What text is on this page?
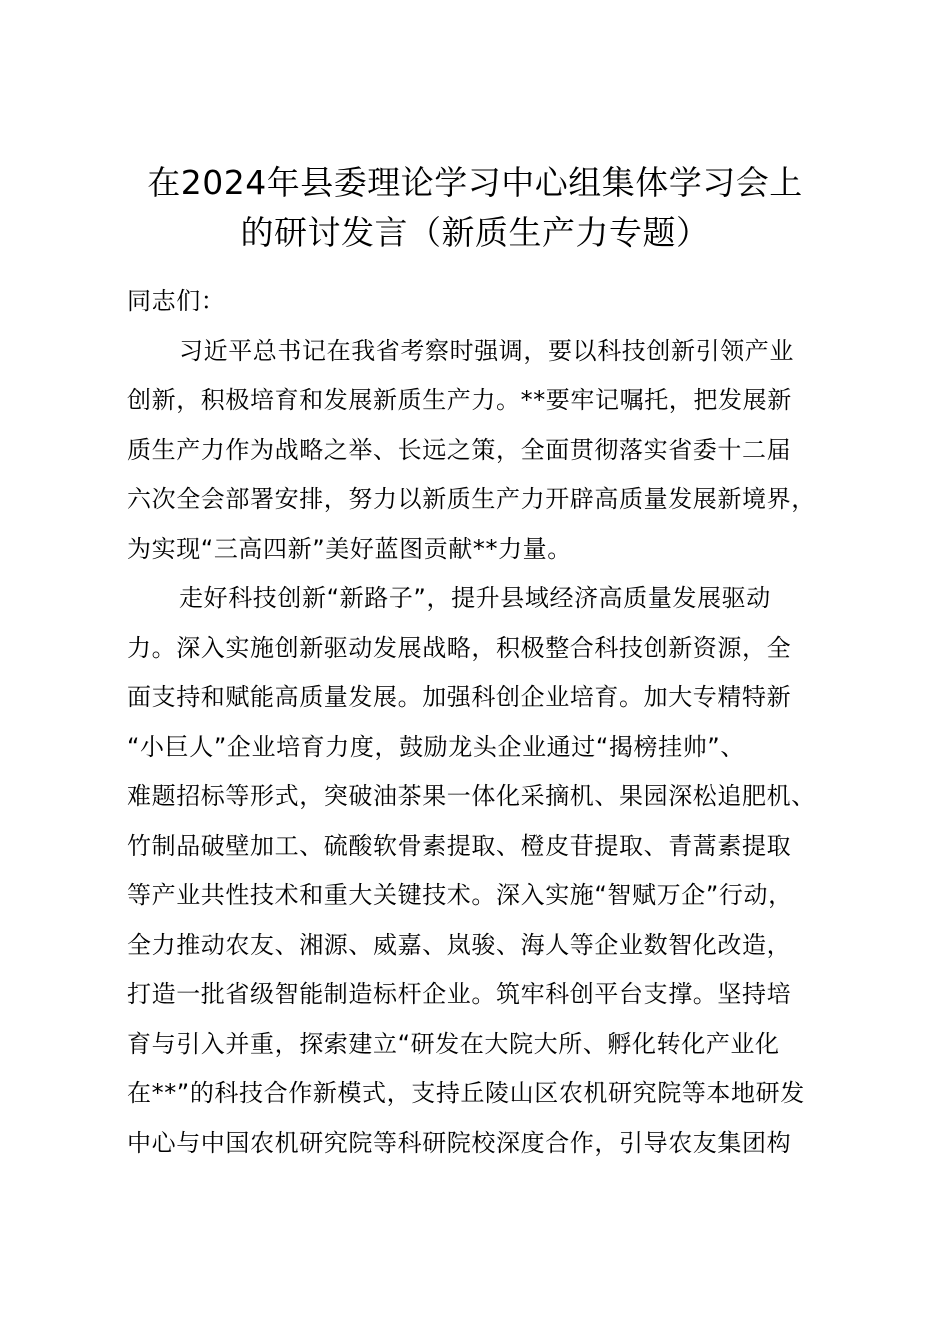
在2024年县委理论学习中心组集体学习会上
的研讨发言（新质生产力专题）
同志们：
习近平总书记在我省考察时强调，要以科技创新引领产业
创新，积极培育和发展新质生产力。**要牢记嘱托，把发展新
质生产力作为战略之举、长远之策，全面贯彻落实省委十二届
六次全会部署安排，努力以新质生产力开辟高质量发展新境界，
为实现“三高四新”美好蓝图贡献**力量。
走好科技创新“新路子”，提升县域经济高质量发展驱动
力。深入实施创新驱动发展战略，积极整合科技创新资源，全
面支持和赋能高质量发展。加强科创企业培育。加大专精特新
“小巨人”企业培育力度，鼓励龙头企业通过“揭榜挂帅”、
难题招标等形式，突破油茶果一体化采摘机、果园深松追肥机、
竹制品破壁加工、硫酸软骨素提取、橙皮苷提取、青蒿素提取
等产业共性技术和重大关键技术。深入实施“智赋万企”行动，
全力推动农友、湘源、威嘉、岚骏、海人等企业数智化改造，
打造一批省级智能制造标杆企业。筑牢科创平台支撑。坚持培
育与引入并重，探索建立“研发在大院大所、孵化转化产业化
在**”的科技合作新模式，支持丘陵山区农机研究院等本地研发
中心与中国农机研究院等科研院校深度合作，引导农友集团构
